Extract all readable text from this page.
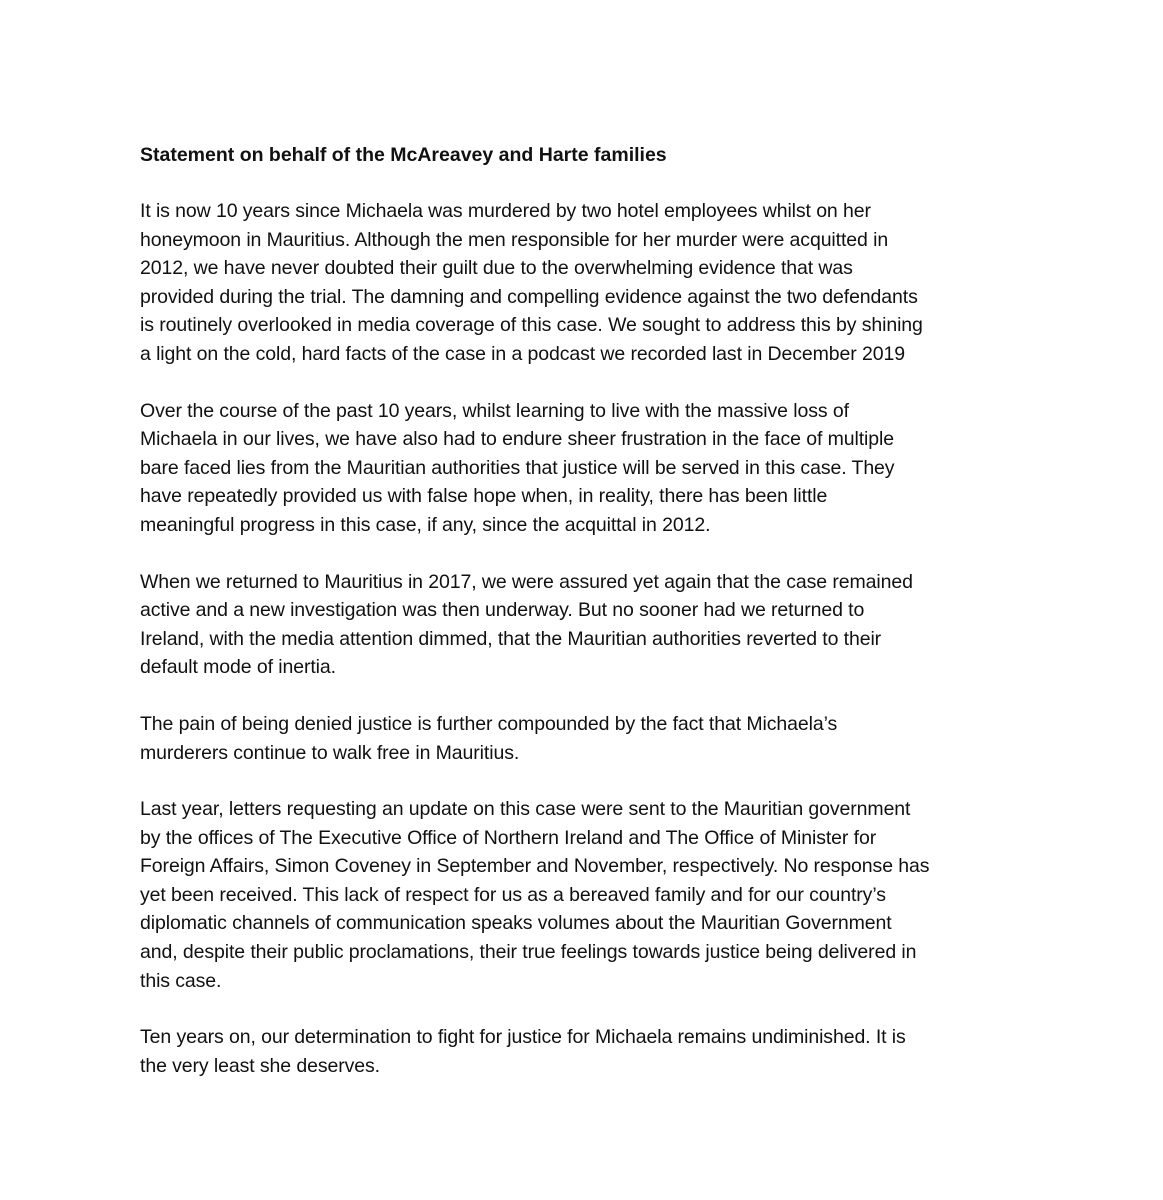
Statement on behalf of the McAreavey and Harte families
It is now 10 years since Michaela was murdered by two hotel employees whilst on her
honeymoon in Mauritius. Although the men responsible for her murder were acquitted in
2012, we have never doubted their guilt due to the overwhelming evidence that was
provided during the trial. The damning and compelling evidence against the two defendants
is routinely overlooked in media coverage of this case. We sought to address this by shining
a light on the cold, hard facts of the case in a podcast we recorded last in December 2019
Over the course of the past 10 years, whilst learning to live with the massive loss of
Michaela in our lives, we have also had to endure sheer frustration in the face of multiple
bare faced lies from the Mauritian authorities that justice will be served in this case. They
have repeatedly provided us with false hope when, in reality, there has been little
meaningful progress in this case, if any, since the acquittal in 2012.
When we returned to Mauritius in 2017, we were assured yet again that the case remained
active and a new investigation was then underway. But no sooner had we returned to
Ireland, with the media attention dimmed, that the Mauritian authorities reverted to their
default mode of inertia.
The pain of being denied justice is further compounded by the fact that Michaela’s
murderers continue to walk free in Mauritius.
Last year, letters requesting an update on this case were sent to the Mauritian government
by the offices of The Executive Office of Northern Ireland and The Office of Minister for
Foreign Affairs, Simon Coveney in September and November, respectively. No response has
yet been received. This lack of respect for us as a bereaved family and for our country’s
diplomatic channels of communication speaks volumes about the Mauritian Government
and, despite their public proclamations, their true feelings towards justice being delivered in
this case.
Ten years on, our determination to fight for justice for Michaela remains undiminished. It is
the very least she deserves.
